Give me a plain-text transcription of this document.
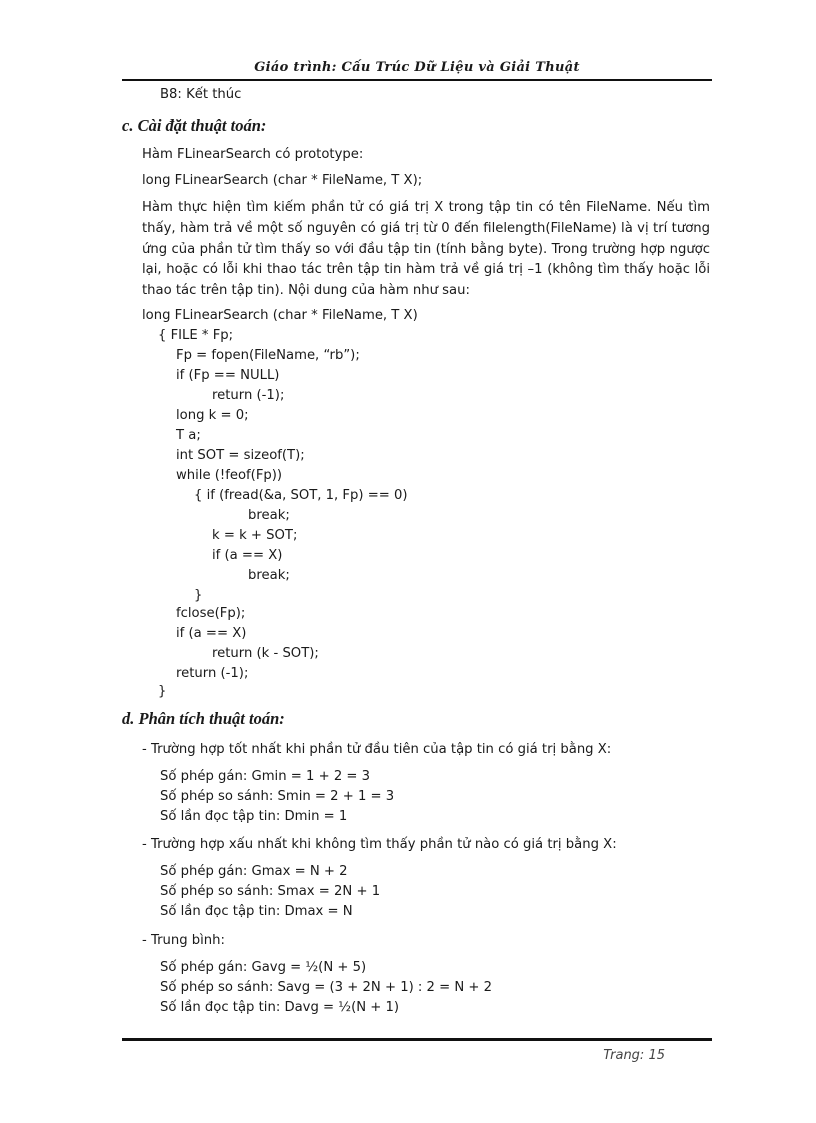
Giáo trình: Cấu Trúc Dữ Liệu và Giải Thuật
B8: Kết thúc
c. Cài đặt thuật toán:
Hàm FLinearSearch có prototype:
long FLinearSearch (char * FileName, T X);
Hàm thực hiện tìm kiếm phần tử có giá trị X trong tập tin có tên FileName. Nếu tìm thấy, hàm trả về một số nguyên có giá trị từ 0 đến filelength(FileName) là vị trí tương ứng của phần tử tìm thấy so với đầu tập tin (tính bằng byte). Trong trường hợp ngược lại, hoặc có lỗi khi thao tác trên tập tin hàm trả về giá trị –1 (không tìm thấy hoặc lỗi thao tác trên tập tin). Nội dung của hàm như sau:
long FLinearSearch (char * FileName, T X)
{ FILE * Fp;
Fp = fopen(FileName, “rb”);
if (Fp == NULL)
return (-1);
long k = 0;
T a;
int SOT = sizeof(T);
while (!feof(Fp))
{ if (fread(&a, SOT, 1, Fp) == 0)
break;
k = k + SOT;
if (a == X)
break;
}
fclose(Fp);
if (a == X)
return (k - SOT);
return (-1);
}
d. Phân tích thuật toán:
- Trường hợp tốt nhất khi phần tử đầu tiên của tập tin có giá trị bằng X:
Số phép gán: Gmin = 1 + 2 = 3
Số phép so sánh: Smin = 2 + 1 = 3
Số lần đọc tập tin: Dmin = 1
- Trường hợp xấu nhất khi không tìm thấy phần tử nào có giá trị bằng X:
Số phép gán: Gmax = N + 2
Số phép so sánh: Smax = 2N + 1
Số lần đọc tập tin: Dmax = N
- Trung bình:
Số phép gán: Gavg = ½(N + 5)
Số phép so sánh: Savg = (3 + 2N + 1) : 2 = N + 2
Số lần đọc tập tin: Davg = ½(N + 1)
Trang: 15
